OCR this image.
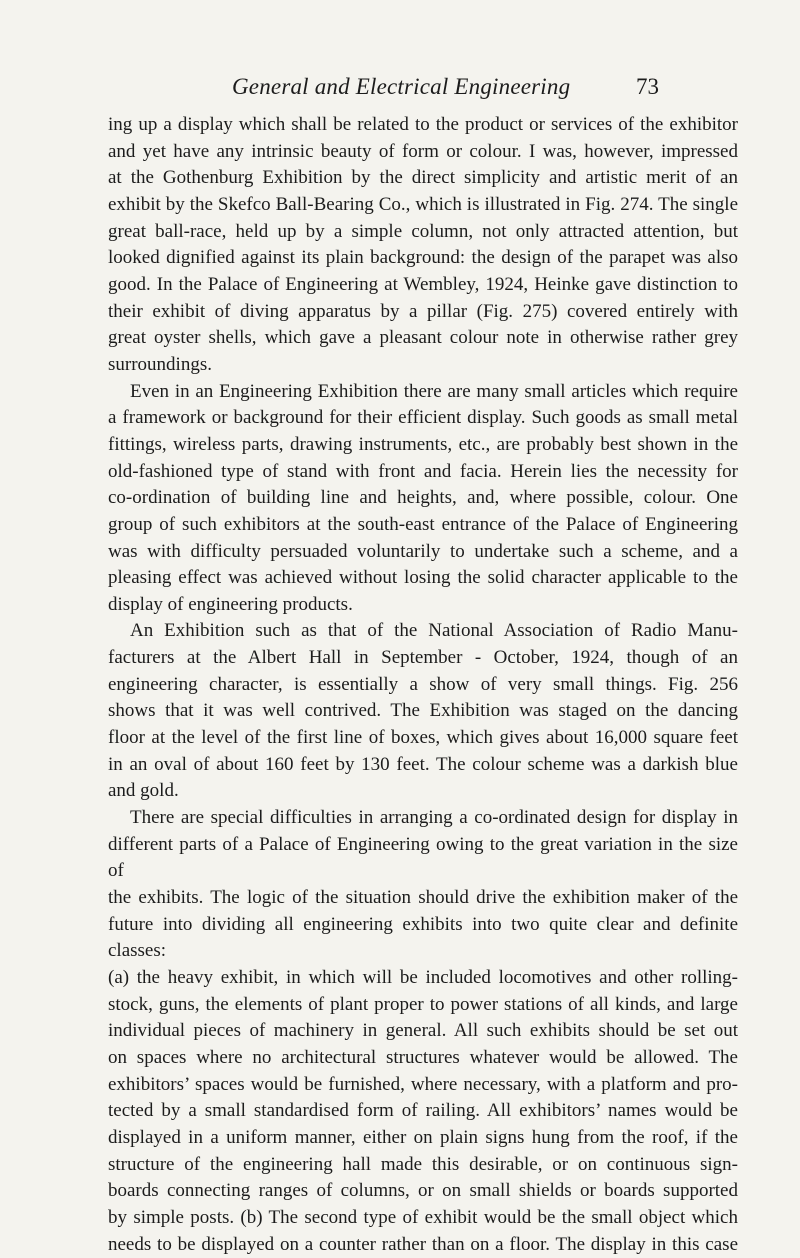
General and Electrical Engineering	73

ing up a display which shall be related to the product or services of the exhibitor

and yet have any intrinsic beauty of form or colour. I was, however, impressed

at the Gothenburg Exhibition by the direct simplicity and artistic merit of an

exhibit by the Skefco Ball-Bearing Co., which is illustrated in Fig. 274. The single

great ball-race, held up by a simple column, not only attracted attention, but

looked dignified against its plain background: the design of the parapet was also

good. In the Palace of Engineering at Wembley, 1924, Heinke gave distinction to

their exhibit of diving apparatus by a pillar (Fig. 275) covered entirely with

great oyster shells, which gave a pleasant colour note in otherwise rather grey

surroundings.

Even in an Engineering Exhibition there are many small articles which require

a framework or background for their efficient display. Such goods as small metal

fittings, wireless parts, drawing instruments, etc., are probably best shown in the

old-fashioned type of stand with front and facia. Herein lies the necessity for

co-ordination of building line and heights, and, where possible, colour. One

group of such exhibitors at the south-east entrance of the Palace of Engineering

was with difficulty persuaded voluntarily to undertake such a scheme, and a

pleasing effect was achieved without losing the solid character applicable to the

display of engineering products.

An Exhibition such as that of the National Association of Radio Manu-

facturers at the Albert Hall in September - October, 1924, though of an

engineering character, is essentially a show of very small things. Fig. 256

shows that it was well contrived. The Exhibition was staged on the dancing

floor at the level of the first line of boxes, which gives about 16,000 square feet

in an oval of about 160 feet by 130 feet. The colour scheme was a darkish blue

and gold.

There are special difficulties in arranging a co-ordinated design for display in

different parts of a Palace of Engineering owing to the great variation in the size of

the exhibits. The logic of the situation should drive the exhibition maker of the

future into dividing all engineering exhibits into two quite clear and definite classes:

(a) the heavy exhibit, in which will be included locomotives and other rolling-

stock, guns, the elements of plant proper to power stations of all kinds, and large

individual pieces of machinery in general. All such exhibits should be set out

on spaces where no architectural structures whatever would be allowed. The

exhibitors’ spaces would be furnished, where necessary, with a platform and pro-

tected by a small standardised form of railing. All exhibitors’ names would be

displayed in a uniform manner, either on plain signs hung from the roof, if the

structure of the engineering hall made this desirable, or on continuous sign-

boards connecting ranges of columns, or on small shields or boards supported

by simple posts. (b) The second type of exhibit would be the small object which

needs to be displayed on a counter rather than on a floor. The display in this case
